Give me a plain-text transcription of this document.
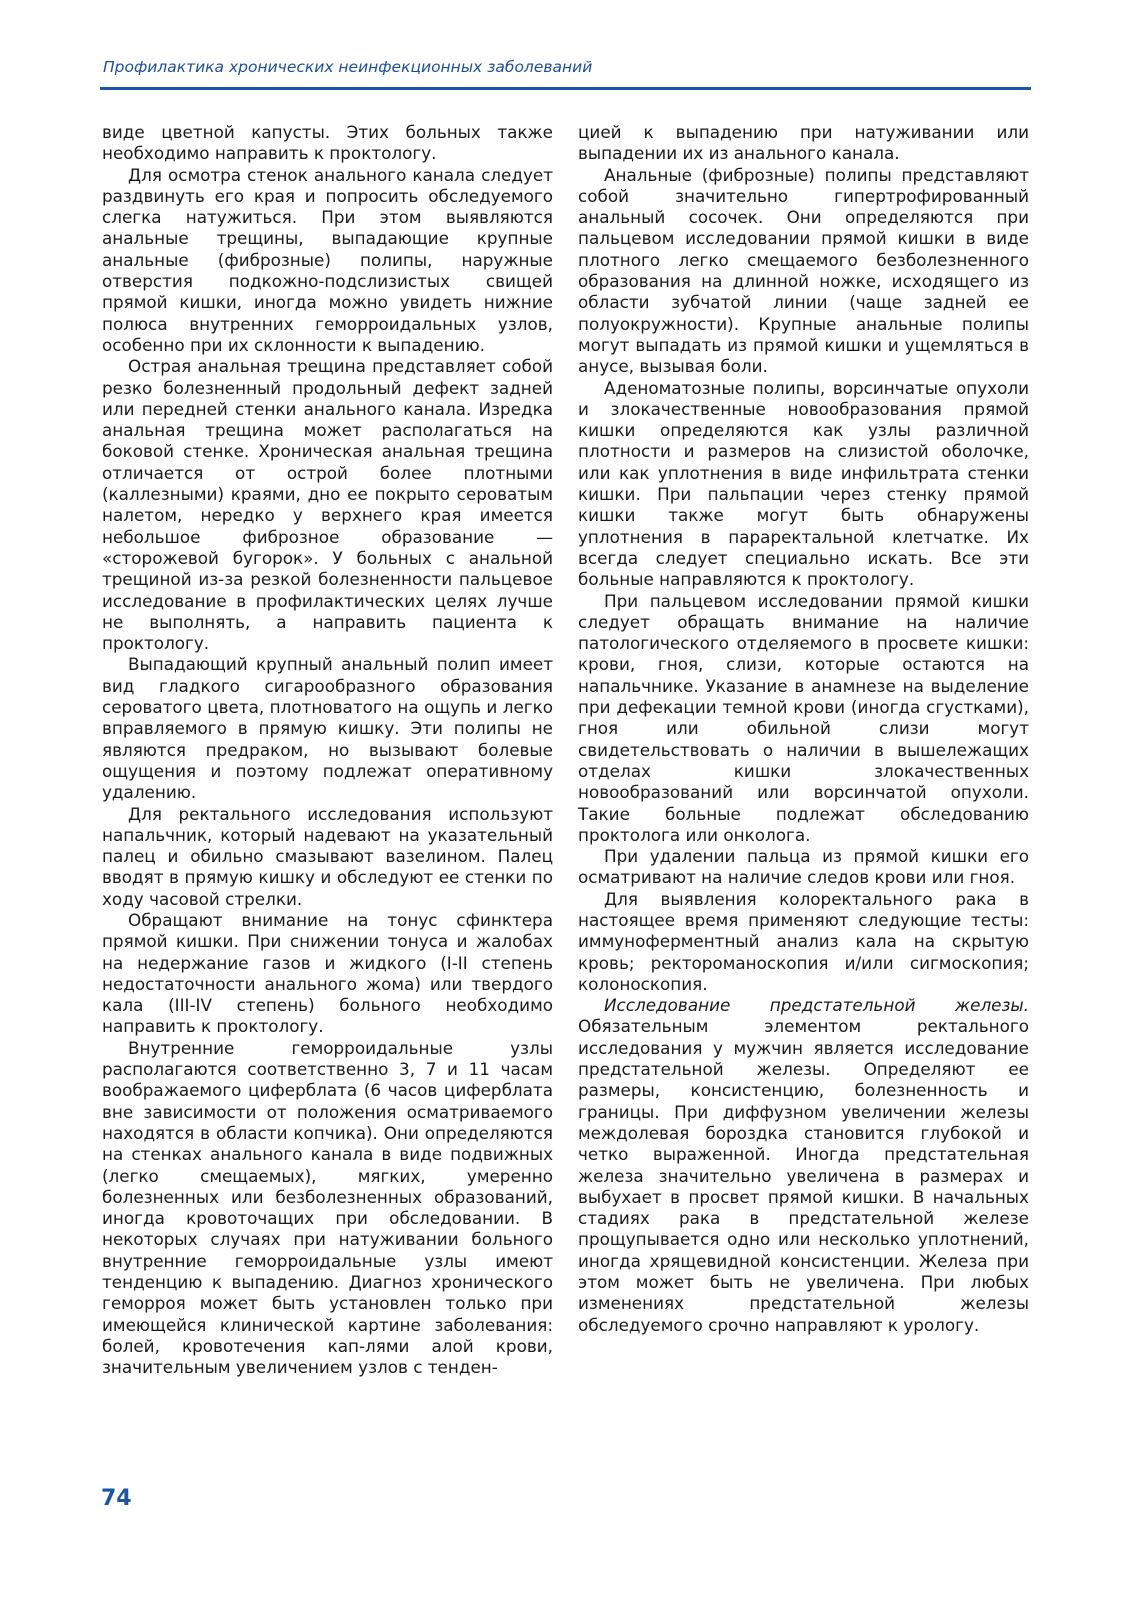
Профилактика хронических неинфекционных заболеваний

виде цветной капусты. Этих больных также необходимо направить к проктологу.

Для осмотра стенок анального канала следует раздвинуть его края и попросить обследуемого слегка натужиться. При этом выявляются анальные трещины, выпадающие крупные анальные (фиброзные) полипы, наружные отверстия подкожно-подслизистых свищей прямой кишки, иногда можно увидеть нижние полюса внутренних геморроидальных узлов, особенно при их склонности к выпадению.

Острая анальная трещина представляет собой резко болезненный продольный дефект задней или передней стенки анального канала. Изредка анальная трещина может располагаться на боковой стенке. Хроническая анальная трещина отличается от острой более плотными (каллезными) краями, дно ее покрыто сероватым налетом, нередко у верхнего края имеется небольшое фиброзное образование — «сторожевой бугорок». У больных с анальной трещиной из-за резкой болезненности пальцевое исследование в профилактических целях лучше не выполнять, а направить пациента к проктологу.

Выпадающий крупный анальный полип имеет вид гладкого сигарообразного образования сероватого цвета, плотноватого на ощупь и легко вправляемого в прямую кишку. Эти полипы не являются предраком, но вызывают болевые ощущения и поэтому подлежат оперативному удалению.

Для ректального исследования используют напальчник, который надевают на указательный палец и обильно смазывают вазелином. Палец вводят в прямую кишку и обследуют ее стенки по ходу часовой стрелки.

Обращают внимание на тонус сфинктера прямой кишки. При снижении тонуса и жалобах на недержание газов и жидкого (I-II степень недостаточности анального жома) или твердого кала (III-IV степень) больного необходимо направить к проктологу.

Внутренние геморроидальные узлы располагаются соответственно 3, 7 и 11 часам воображаемого циферблата (6 часов циферблата вне зависимости от положения осматриваемого находятся в области копчика). Они определяются на стенках анального канала в виде подвижных (легко смещаемых), мягких, умеренно болезненных или безболезненных образований, иногда кровоточащих при обследовании. В некоторых случаях при натуживании больного внутренние геморроидальные узлы имеют тенденцию к выпадению. Диагноз хронического геморроя может быть установлен только при имеющейся клинической картине заболевания: болей, кровотечения кап-лями алой крови, значительным увеличением узлов с тенден-

цией к выпадению при натуживании или выпадении их из анального канала.

Анальные (фиброзные) полипы представляют собой значительно гипертрофированный анальный сосочек. Они определяются при пальцевом исследовании прямой кишки в виде плотного легко смещаемого безболезненного образования на длинной ножке, исходящего из области зубчатой линии (чаще задней ее полуокружности). Крупные анальные полипы могут выпадать из прямой кишки и ущемляться в анусе, вызывая боли.

Аденоматозные полипы, ворсинчатые опухоли и злокачественные новообразования прямой кишки определяются как узлы различной плотности и размеров на слизистой оболочке, или как уплотнения в виде инфильтрата стенки кишки. При пальпации через стенку прямой кишки также могут быть обнаружены уплотнения в параректальной клетчатке. Их всегда следует специально искать. Все эти больные направляются к проктологу.

При пальцевом исследовании прямой кишки следует обращать внимание на наличие патологического отделяемого в просвете кишки: крови, гноя, слизи, которые остаются на напальчнике. Указание в анамнезе на выделение при дефекации темной крови (иногда сгустками), гноя или обильной слизи могут свидетельствовать о наличии в вышележащих отделах кишки злокачественных новообразований или ворсинчатой опухоли. Такие больные подлежат обследованию проктолога или онколога.

При удалении пальца из прямой кишки его осматривают на наличие следов крови или гноя.

Для выявления колоректального рака в настоящее время применяют следующие тесты: иммуноферментный анализ кала на скрытую кровь; ректороманоскопия и/или сигмоскопия; колоноскопия.

Исследование предстательной железы. Обязательным элементом ректального исследования у мужчин является исследование предстательной железы. Определяют ее размеры, консистенцию, болезненность и границы. При диффузном увеличении железы междолевая бороздка становится глубокой и четко выраженной. Иногда предстательная железа значительно увеличена в размерах и выбухает в просвет прямой кишки. В начальных стадиях рака в предстательной железе прощупывается одно или несколько уплотнений, иногда хрящевидной консистенции. Железа при этом может быть не увеличена. При любых изменениях предстательной железы обследуемого срочно направляют к урологу.

74
